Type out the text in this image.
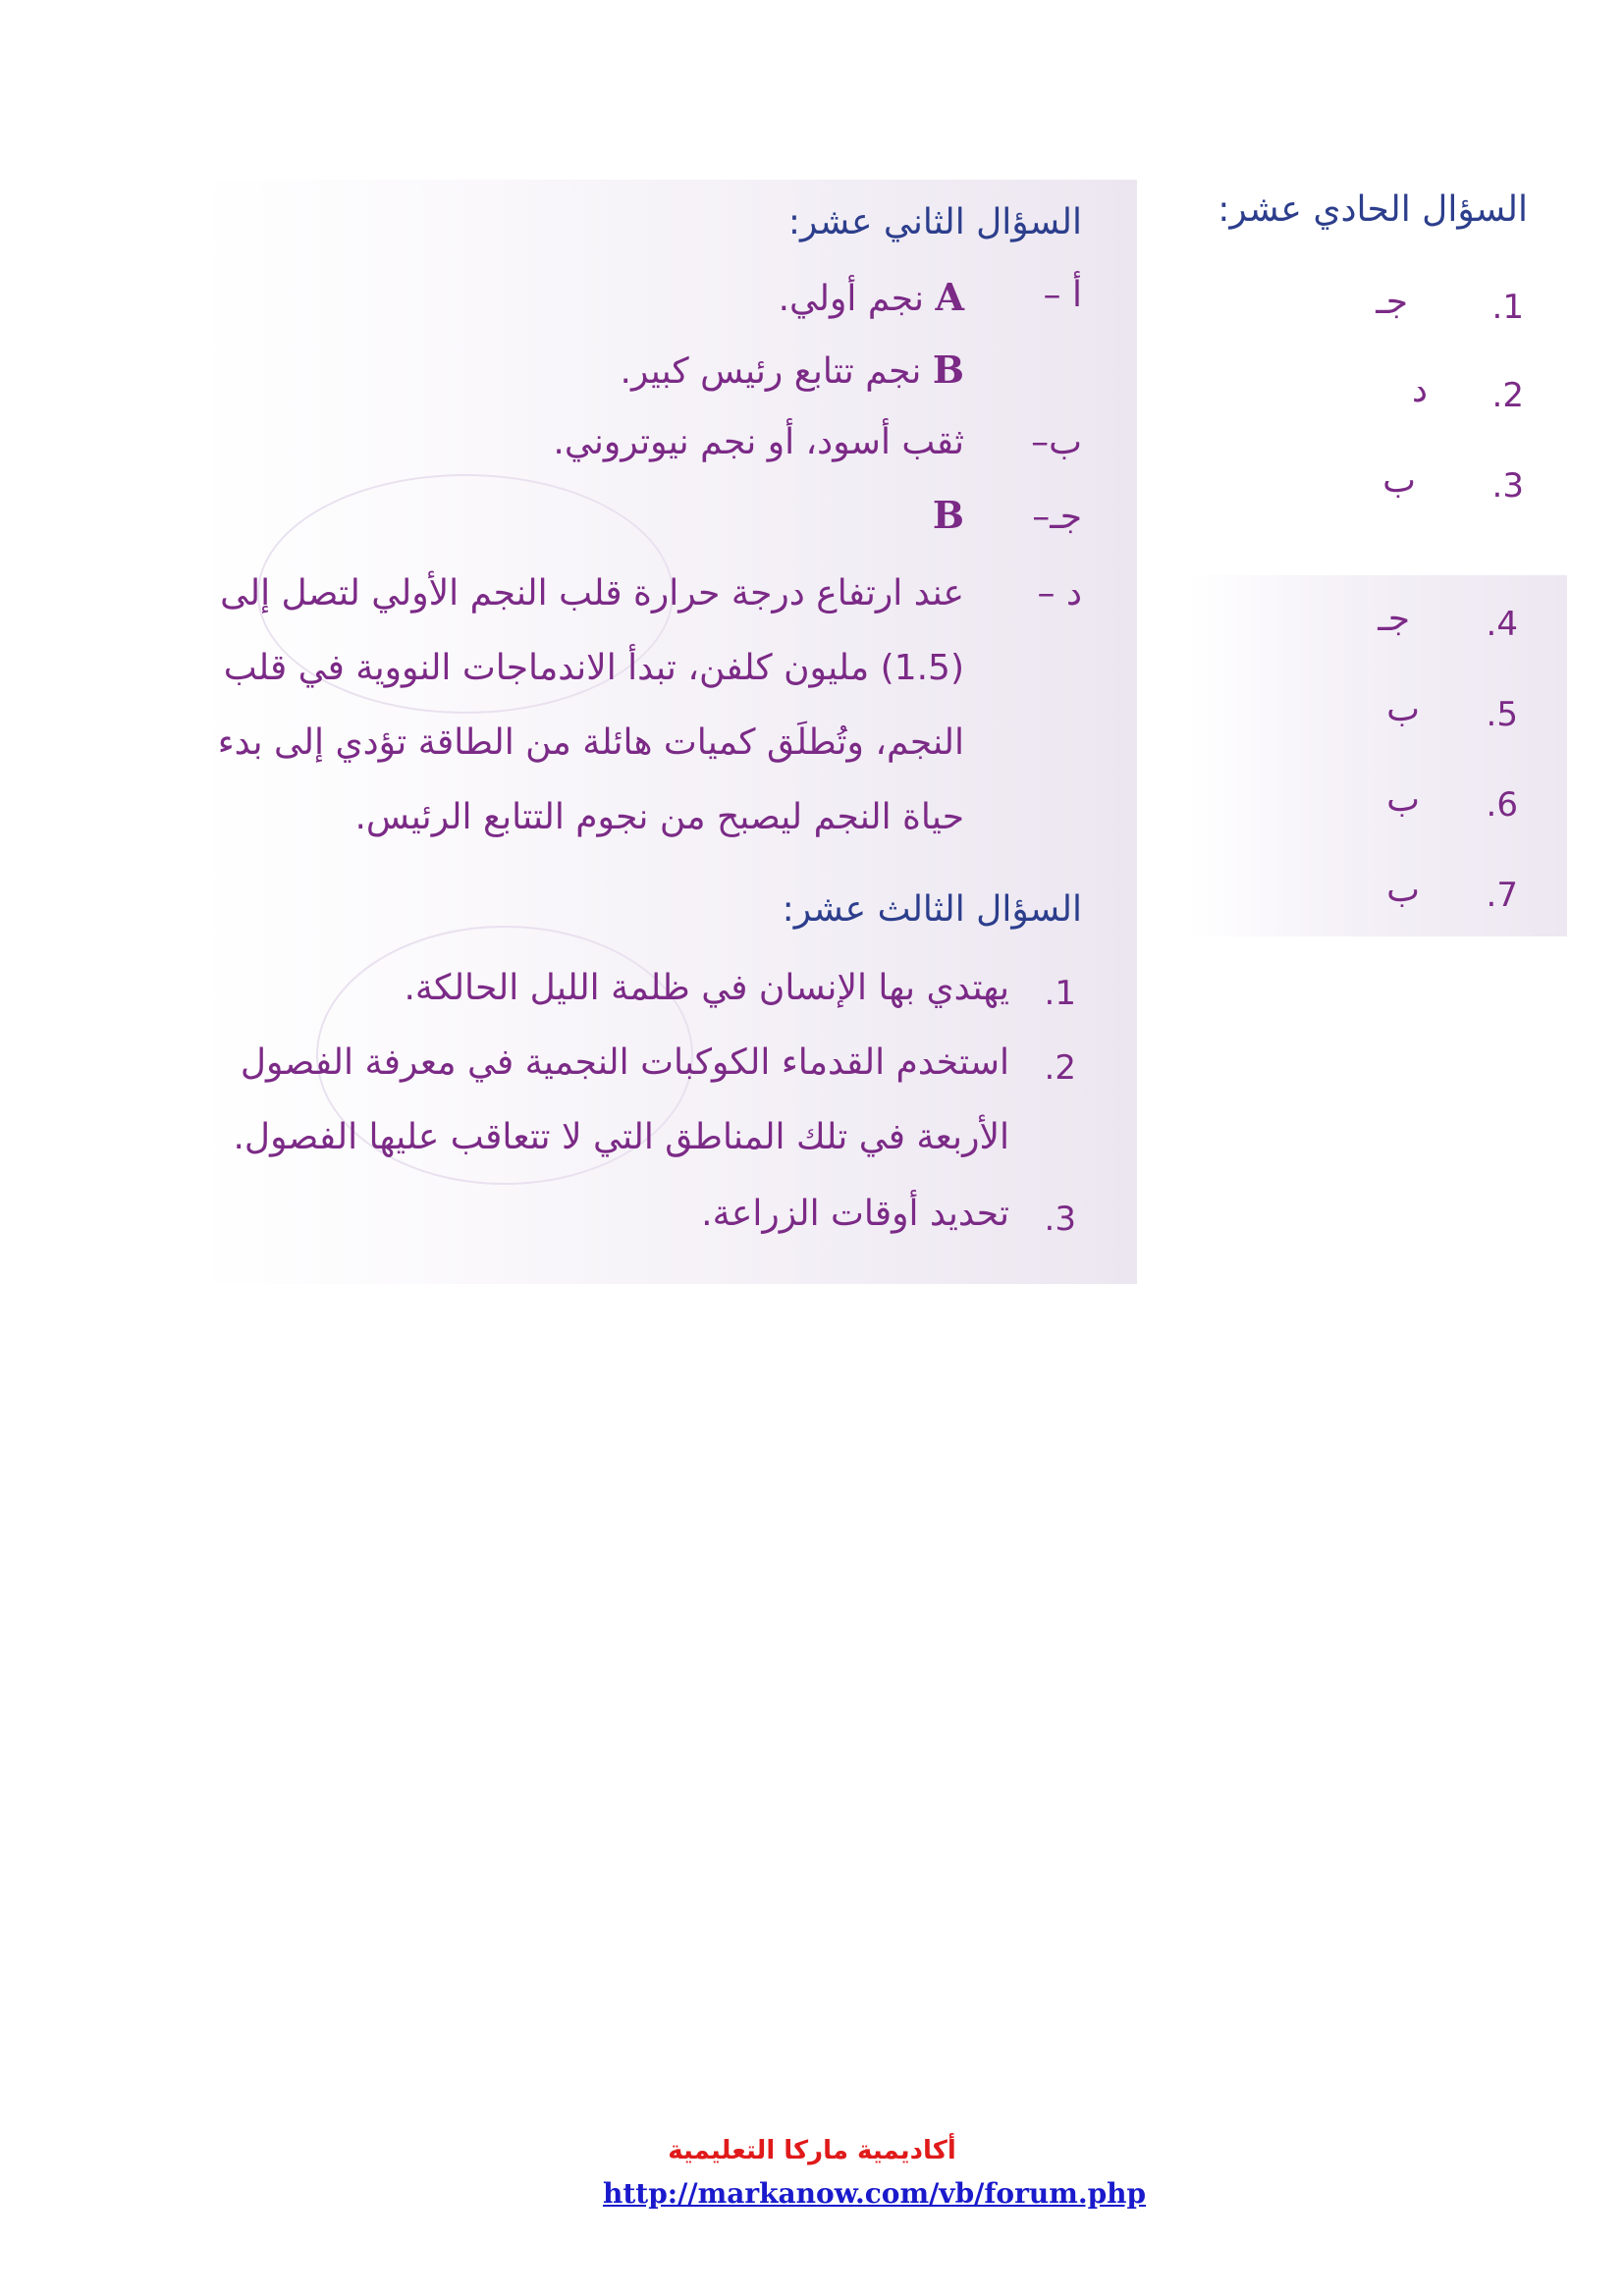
السؤال الحادي عشر:
.1
جـ
.2
د
.3
ب
.4
جـ
.5
ب
.6
ب
.7
ب
السؤال الثاني عشر:
أ –
A نجم أولي.
B نجم تتابع رئيس كبير.
ب–
ثقب أسود، أو نجم نيوتروني.
جـ–
B
د –
عند ارتفاع درجة حرارة قلب النجم الأولي لتصل إلى
(1.5) مليون كلفن، تبدأ الاندماجات النووية في قلب
النجم، وتُطلَق كميات هائلة من الطاقة تؤدي إلى بدء
حياة النجم ليصبح من نجوم التتابع الرئيس.
السؤال الثالث عشر:
.1
يهتدي بها الإنسان في ظلمة الليل الحالكة.
.2
استخدم القدماء الكوكبات النجمية في معرفة الفصول
الأربعة في تلك المناطق التي لا تتعاقب عليها الفصول.
.3
تحديد أوقات الزراعة.
أكاديمية ماركا التعليمية
http://markanow.com/vb/forum.php
